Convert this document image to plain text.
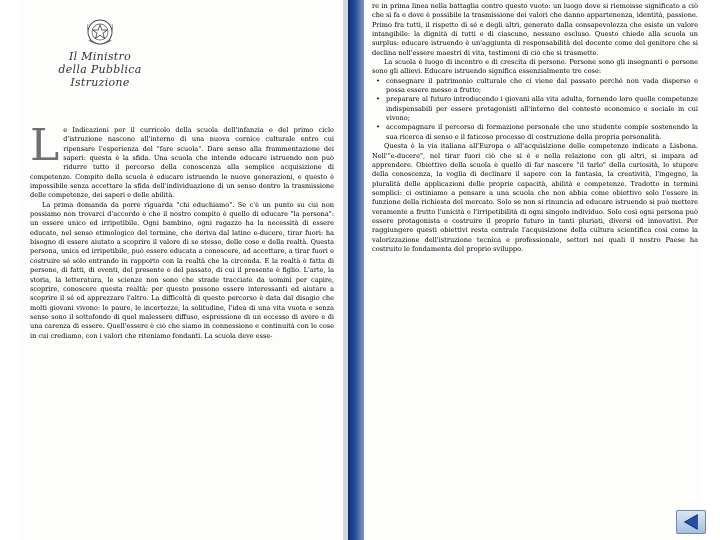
Il Ministro
della Pubblica Istruzione
L e Indicazioni per il curricolo della scuola dell'infanzia e del primo ciclo d'istruzione nascono all'interno di una nuova cornice culturale entro cui ripensare l'esperienza del "fare scuola". Dare senso alla frammentazione dei saperi: questa è la sfida. Una scuola che intende educare istruendo non può ridurre tutto il percorso della conoscenza alla semplice acquisizione di competenze. Compito della scuola è educare istruendo le nuove generazioni, e questo è impossibile senza accettare la sfida dell'individuazione di un senso dentro la trasmissione delle competenze, dei saperi e delle abilità.

La prima domanda da porre riguarda "chi educhiamo". Se c'è un punto su cui non possiamo non trovarci d'accordo è che il nostro compito è quello di educare "la persona": un essere unico ed irripetibile. Ogni bambino, ogni ragazzo ha la necessità di essere educato, nel senso etimologico del termine, che deriva dal latino e-ducere, tirar fuori: ha bisogno di essere aiutato a scoprire il valore di se stesso, delle cose e della realtà. Questa persona, unica ed irripetibile, può essere educata a conoscere, ad accettare, a tirar fuori e costruire sé solo entrando in rapporto con la realtà che la circonda. E la realtà è fatta di persone, di fatti, di eventi, del presente e del passato, di cui il presente è figlio. L'arte, la storia, la letteratura, le scienze non sono che strade tracciate da uomini per capire, scoprire, conoscere questa realtà: per questo possono essere interessanti ed aiutare a scoprire il sé ed apprezzare l'altro. La difficoltà di questo percorso è data dal disagio che molti giovani vivono: le paure, le incertezze, la solitudine, l'idea di una vita vuota e senza senso sono il sottofondo di quel malessere diffuso, espressione di un eccesso di avere e di una carenza di essere. Quell'essere è ciò che siamo in connessione e continuità con le cose in cui crediamo, con i valori che riteniamo fondanti. La scuola deve esse-

re in prima linea nella battaglia contro questo vuoto: un luogo dove si riemoisse significato a ciò che si fa e dove è possibile la trasmissione dei valori che danno appartenenza, identità, passione. Primo fra tutti, il rispetto di sé e degli altri, generato dalla consapevolezza che esiste un valore intangibile: la dignità di tutti e di ciascuno, nessuno escluso. Questo chiede alla scuola un surplus: educare istruendo è un'aggiunta di responsabilità del docente come del genitore che si declina nell'essere maestri di vita, testimoni di ciò che si trasmette.

La scuola è luogo di incontro e di crescita di persone. Persone sono gli insegnanti e persone sono gli allievi. Educare istruendo significa essenzialmente tre cose:

• consegnare il patrimonio culturale che ci viene dal passato perché non vada disperso e possa essere messo a frutto;
• preparare al futuro introducendo i giovani alla vita adulta, fornendo loro quelle competenze indispensabili per essere protagonisti all'interno del contesto economico e sociale in cui vivono;
• accompagnare il percorso di formazione personale che uno studente compie sostenendo la sua ricerca di senso e il faticoso processo di costruzione della propria personalità.

Questa è la via italiana all'Europa e all'acquisizione delle competenze indicate a Lisbona. Nell'"e-ducere", nel tirar fuori ciò che si è e nella relazione con gli altri, si impara ad apprendere. Obiettivo della scuola è quello di far nascere "il tarlo" della curiosità, lo stupore della conoscenza, la voglia di declinare il sapere con la fantasia, la creatività, l'ingegno, la pluralità delle applicazioni delle proprie capacità, abilità e competenze. Tradotto in termini semplici: ci ostiniamo a pensare a una scuola che non abbia come obiettivo solo l'essere in funzione della richiesta del mercato. Solo se non si rinuncia ad educare istruendo si può mettere veramente a frutto l'unicità e l'irripetibilità di ogni singolo individuo. Solo così ogni persona può essere protagonista e costruire il proprio futuro in tanti pluriati, diversi ed innovativi. Per raggiungere questi obiettivi resta centrale l'acquisizione della cultura scientifica così come la valorizzazione dell'istruzione tecnica e professionale, settori nei quali il nostro Paese ha costruito le fondamenta del proprio sviluppo.
